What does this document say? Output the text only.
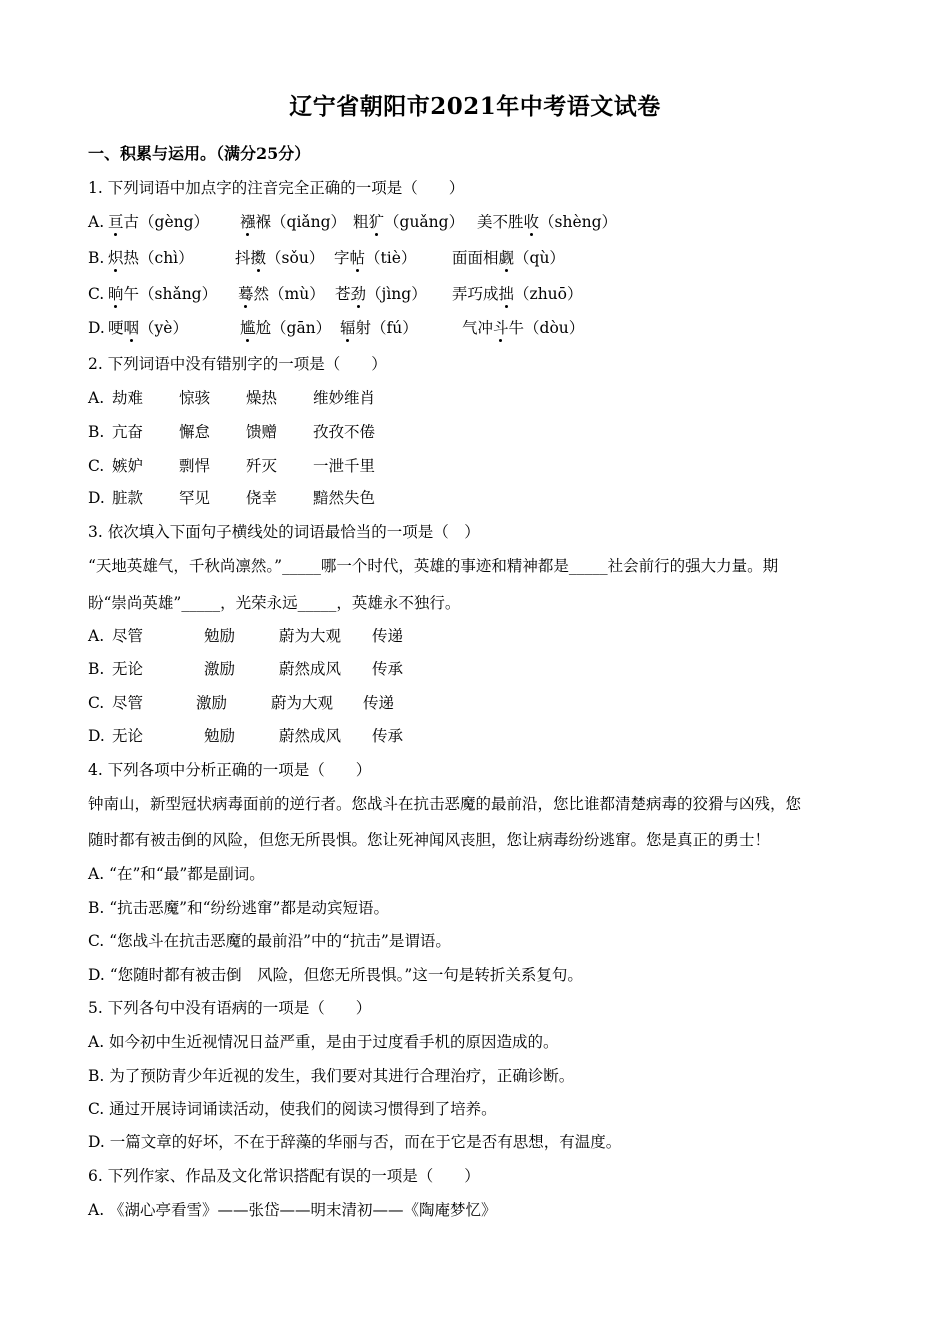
辽宁省朝阳市2021年中考语文试卷
一、积累与运用。（满分25分）
1. 下列词语中加点字的注音完全正确的一项是（　　）
A. 亘古（gèng） 襁褓（qiǎng） 粗犷（guǎng） 美不胜收（shèng）
B. 炽热（chì）	抖擞（sǒu） 字帖（tiè） 面面相觑（qù）
C. 晌午（shǎng） 蓦然（mù） 苍劲（jìng） 弄巧成拙（zhuō）
D. 哽咽（yè）	尴尬（gān） 辐射（fú）	气冲斗牛（dòu）
2. 下列词语中没有错别字的一项是（　　）
A. 劫难 惊骇 燥热 维妙维肖
B. 亢奋 懈怠 馈赠 孜孜不倦
C. 嫉妒 剽悍 歼灭 一泄千里
D. 脏款 罕见 侥幸 黯然失色
3. 依次填入下面句子横线处的词语最恰当的一项是（　）
“天地英雄气，千秋尚凛然。”_____哪一个时代，英雄的事迹和精神都是_____社会前行的强大力量。期
盼“崇尚英雄”_____，光荣永远_____，英雄永不独行。
A. 尽管	勉励	蔚为大观 传递
B. 无论	激励	蔚然成风 传承
C. 尽管	激励	蔚为大观 传递
D. 无论	勉励	蔚然成风 传承
4. 下列各项中分析正确的一项是（　　）
钟南山，新型冠状病毒面前的逆行者。您战斗在抗击恶魔的最前沿，您比谁都清楚病毒的狡猾与凶残，您
随时都有被击倒的风险，但您无所畏惧。您让死神闻风丧胆，您让病毒纷纷逃窜。您是真正的勇士！
A. “在”和“最”都是副词。
B. “抗击恶魔”和“纷纷逃窜”都是动宾短语。
C. “您战斗在抗击恶魔的最前沿”中的“抗击”是谓语。
D. “您随时都有被击倒　风险，但您无所畏惧。”这一句是转折关系复句。
5. 下列各句中没有语病的一项是（　　）
A. 如今初中生近视情况日益严重，是由于过度看手机的原因造成的。
B. 为了预防青少年近视的发生，我们要对其进行合理治疗，正确诊断。
C. 通过开展诗词诵读活动，使我们的阅读习惯得到了培养。
D. 一篇文章的好坏，不在于辞藻的华丽与否，而在于它是否有思想，有温度。
6. 下列作家、作品及文化常识搭配有误的一项是（　　）
A. 《湖心亭看雪》——张岱——明末清初——《陶庵梦忆》
